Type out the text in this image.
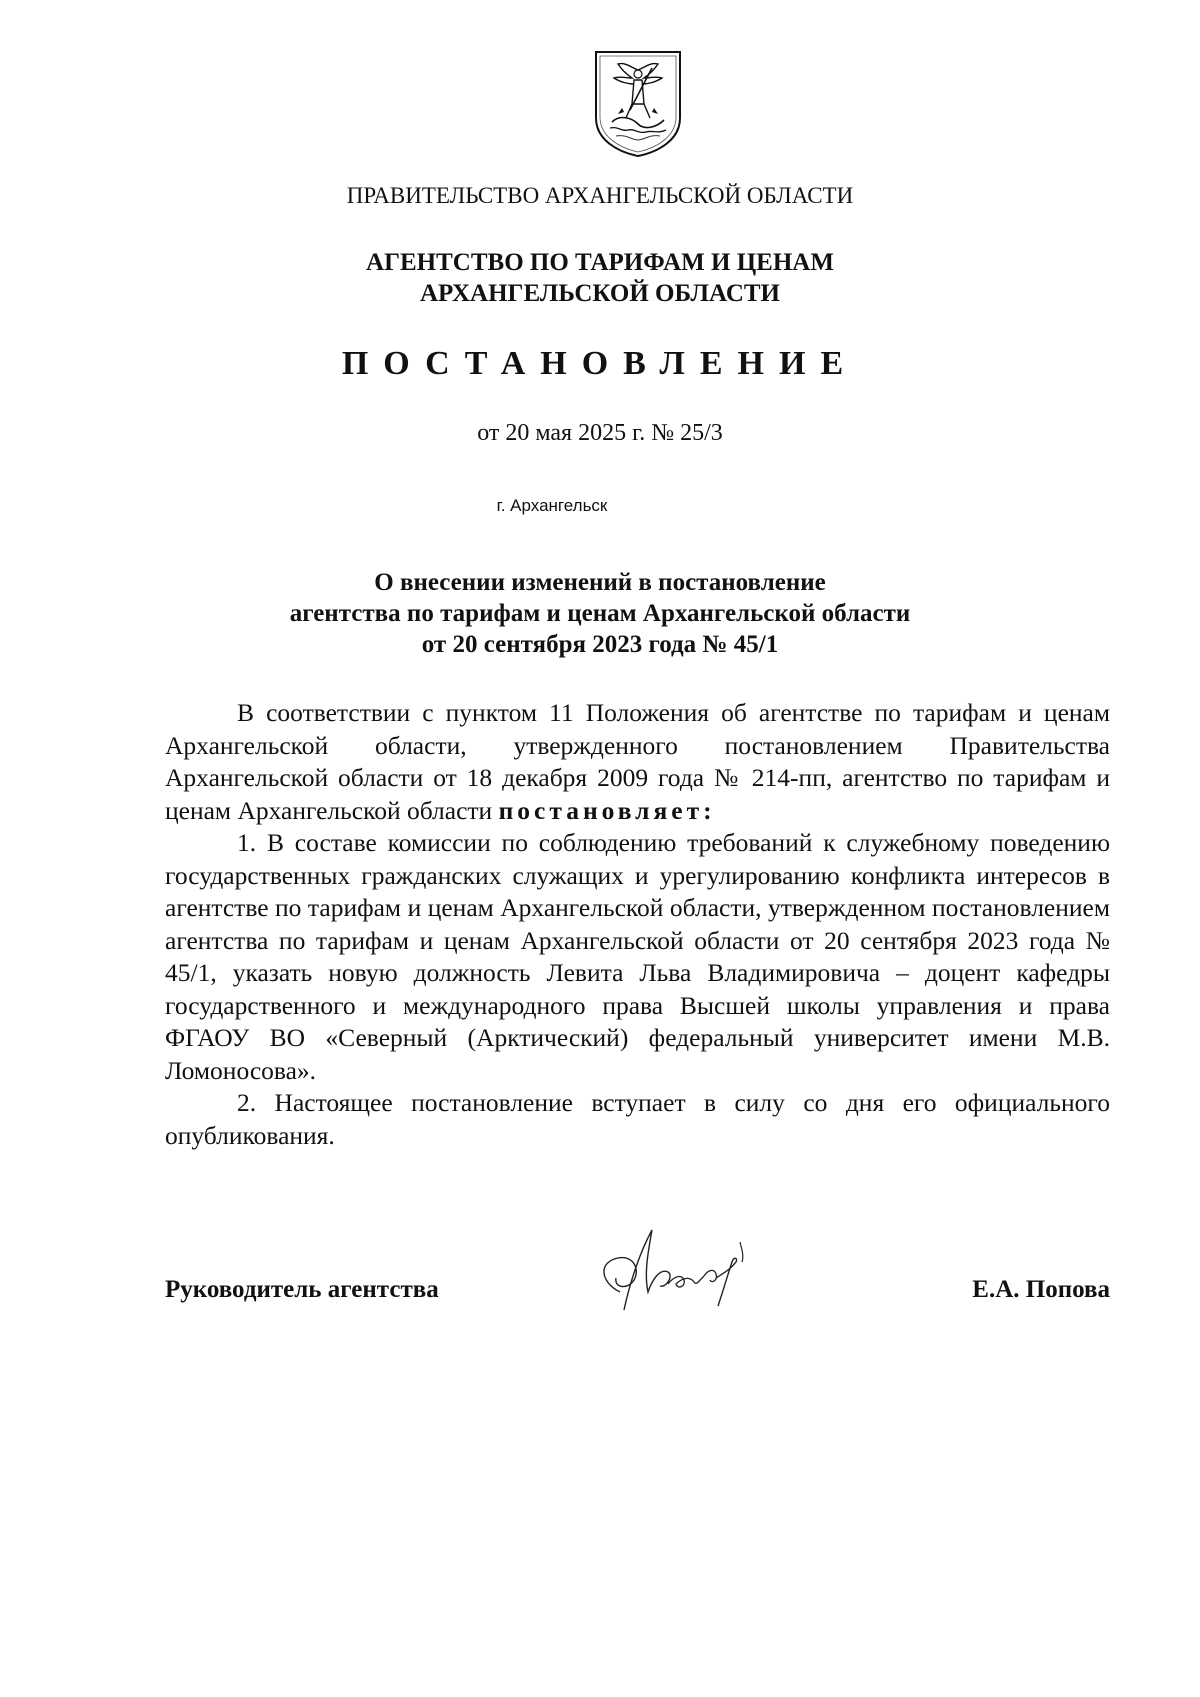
ПРАВИТЕЛЬСТВО АРХАНГЕЛЬСКОЙ ОБЛАСТИ
АГЕНТСТВО ПО ТАРИФАМ И ЦЕНАМ
АРХАНГЕЛЬСКОЙ ОБЛАСТИ
ПОСТАНОВЛЕНИЕ
от 20 мая 2025 г. № 25/3
г. Архангельск
О внесении изменений в постановление
агентства по тарифам и ценам Архангельской области
от 20 сентября 2023 года № 45/1

В соответствии с пунктом 11 Положения об агентстве по тарифам и ценам Архангельской области, утвержденного постановлением Правительства Архангельской области от 18 декабря 2009 года № 214-пп, агентство по тарифам и ценам Архангельской области постановляет:

1. В составе комиссии по соблюдению требований к служебному поведению государственных гражданских служащих и урегулированию конфликта интересов в агентстве по тарифам и ценам Архангельской области, утвержденном постановлением агентства по тарифам и ценам Архангельской области от 20 сентября 2023 года № 45/1, указать новую должность Левита Льва Владимировича – доцент кафедры государственного и международного права Высшей школы управления и права ФГАОУ ВО «Северный (Арктический) федеральный университет имени М.В. Ломоносова».

2. Настоящее постановление вступает в силу со дня его официального опубликования.

Руководитель агентства	Е.А. Попова
